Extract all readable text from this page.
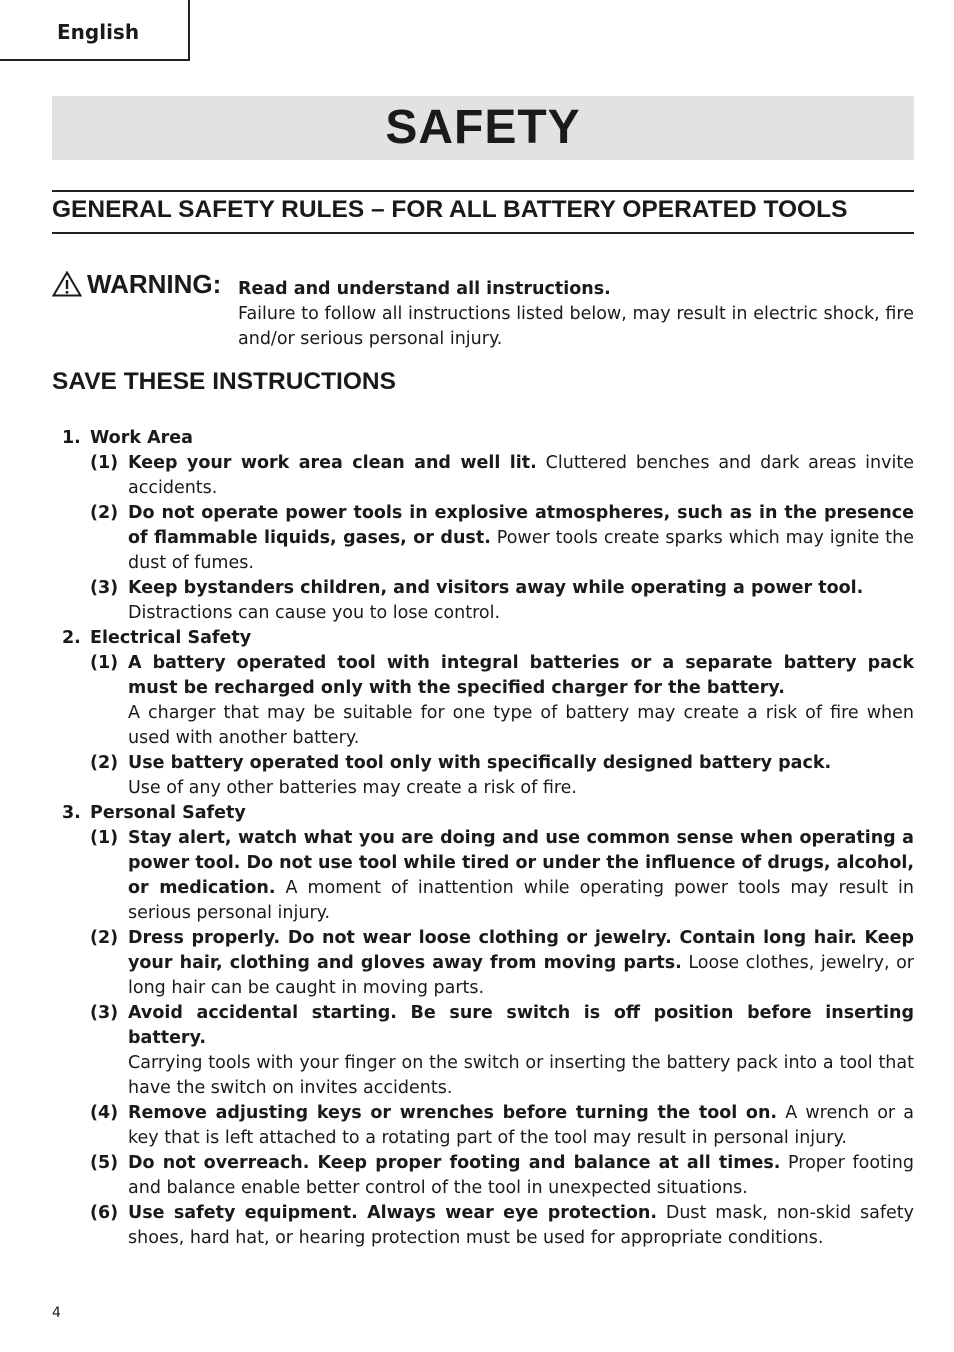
English
SAFETY
GENERAL SAFETY RULES – FOR ALL BATTERY OPERATED TOOLS
WARNING: Read and understand all instructions.
Failure to follow all instructions listed below, may result in electric shock, fire and/or serious personal injury.
SAVE THESE INSTRUCTIONS
1. Work Area
(1) Keep your work area clean and well lit. Cluttered benches and dark areas invite accidents.
(2) Do not operate power tools in explosive atmospheres, such as in the presence of flammable liquids, gases, or dust. Power tools create sparks which may ignite the dust of fumes.
(3) Keep bystanders children, and visitors away while operating a power tool.
Distractions can cause you to lose control.
2. Electrical Safety
(1) A battery operated tool with integral batteries or a separate battery pack must be recharged only with the specified charger for the battery.
A charger that may be suitable for one type of battery may create a risk of fire when used with another battery.
(2) Use battery operated tool only with specifically designed battery pack.
Use of any other batteries may create a risk of fire.
3. Personal Safety
(1) Stay alert, watch what you are doing and use common sense when operating a power tool. Do not use tool while tired or under the influence of drugs, alcohol, or medication. A moment of inattention while operating power tools may result in serious personal injury.
(2) Dress properly. Do not wear loose clothing or jewelry. Contain long hair. Keep your hair, clothing and gloves away from moving parts. Loose clothes, jewelry, or long hair can be caught in moving parts.
(3) Avoid accidental starting. Be sure switch is off position before inserting battery.
Carrying tools with your finger on the switch or inserting the battery pack into a tool that have the switch on invites accidents.
(4) Remove adjusting keys or wrenches before turning the tool on. A wrench or a key that is left attached to a rotating part of the tool may result in personal injury.
(5) Do not overreach. Keep proper footing and balance at all times. Proper footing and balance enable better control of the tool in unexpected situations.
(6) Use safety equipment. Always wear eye protection. Dust mask, non-skid safety shoes, hard hat, or hearing protection must be used for appropriate conditions.
4
